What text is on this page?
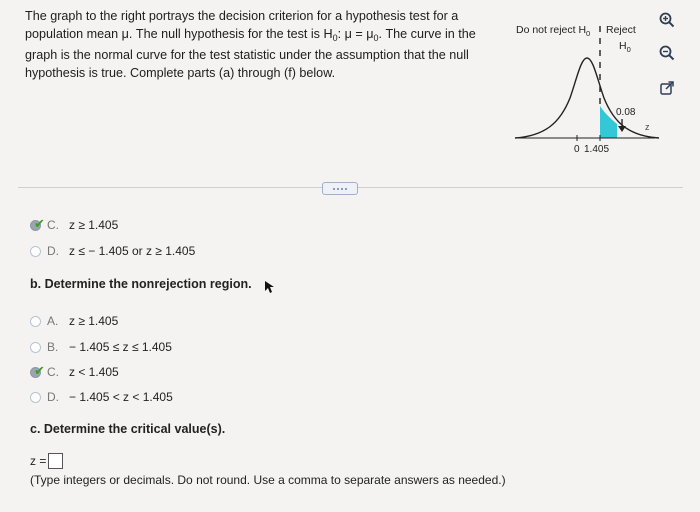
The graph to the right portrays the decision criterion for a hypothesis test for a
population mean μ. The null hypothesis for the test is $H_0$: $\mu = \mu_0$. The curve in the
graph is the normal curve for the test statistic under the assumption that the null
hypothesis is true. Complete parts (a) through (f) below.
Do not reject $H_0$ Reject
$H_0$
0 1.405
0.08
z
✔ C. z ≥ 1.405
D. z ≤ − 1.405 or z ≥ 1.405
b. Determine the nonrejection region.
A. z ≥ 1.405
B. − 1.405 ≤ z ≤ 1.405
✔ C. z < 1.405
D. − 1.405 < z < 1.405
c. Determine the critical value(s).
z =
(Type integers or decimals. Do not round. Use a comma to separate answers as needed.)
